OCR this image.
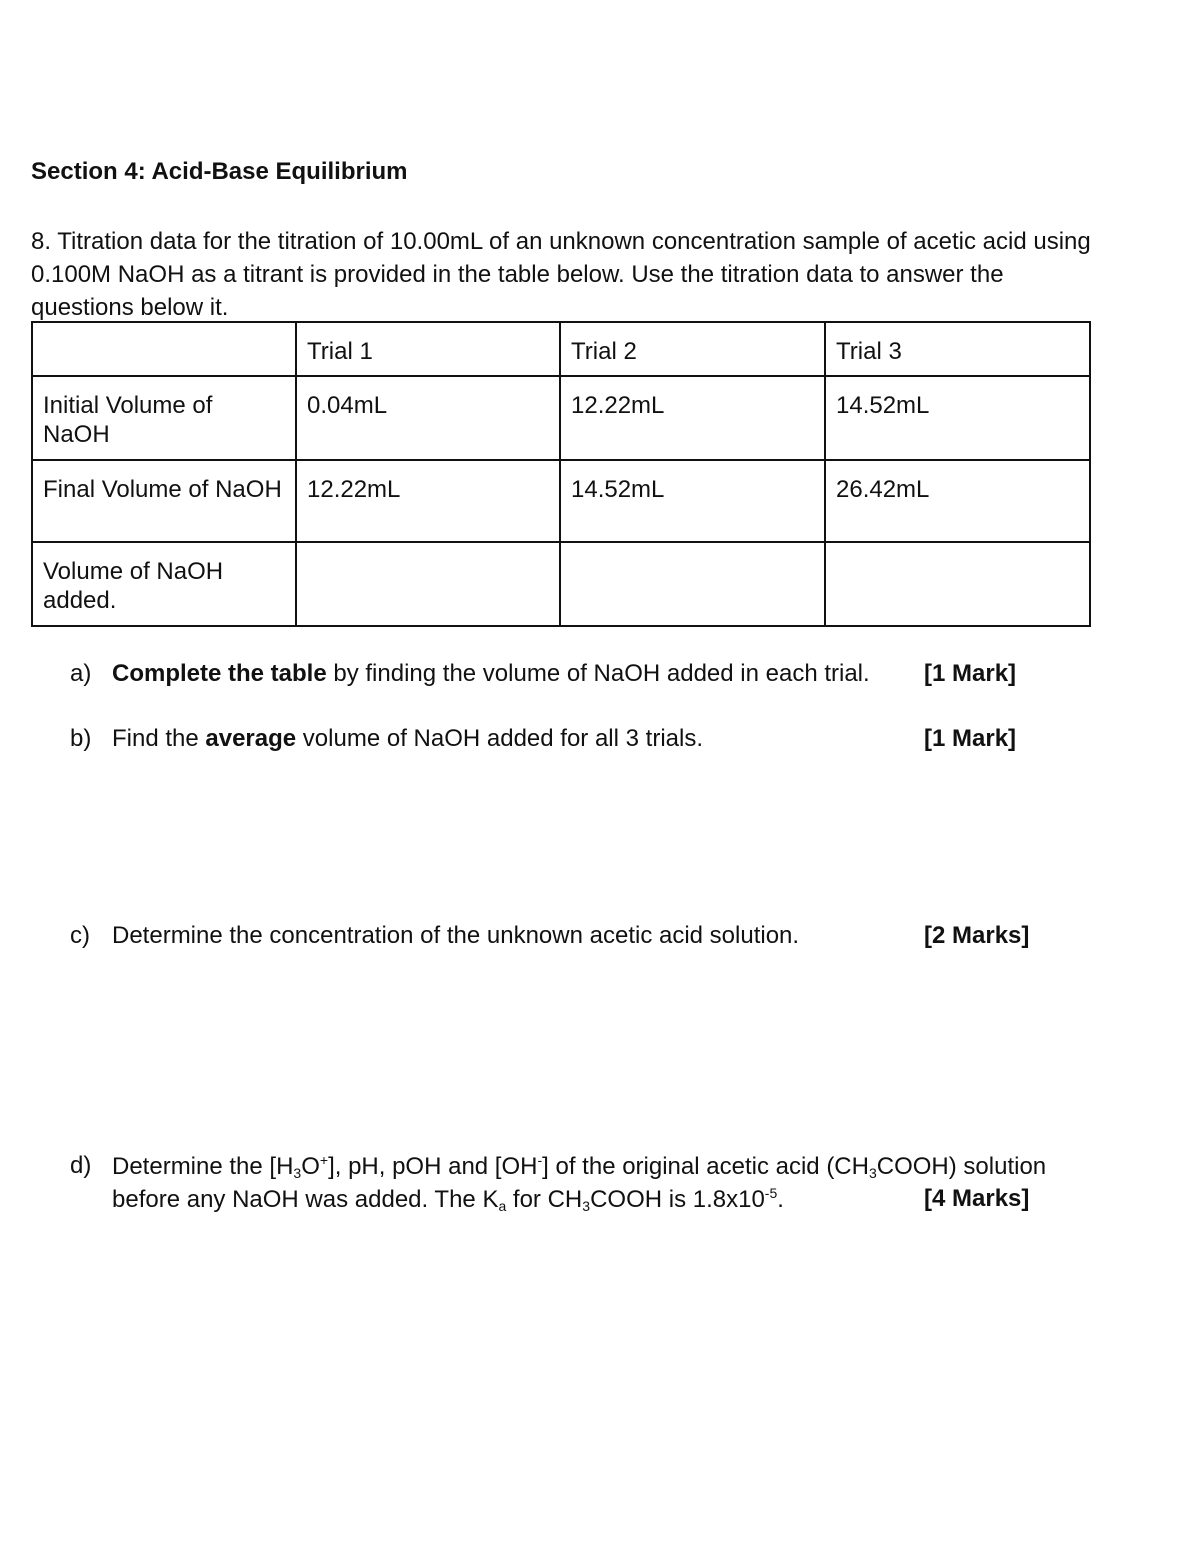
Section 4: Acid-Base Equilibrium
8. Titration data for the titration of 10.00mL of an unknown concentration sample of acetic acid using 0.100M NaOH as a titrant is provided in the table below. Use the titration data to answer the questions below it.
	Trial 1	Trial 2	Trial 3
Initial Volume of NaOH	0.04mL	12.22mL	14.52mL
Final Volume of NaOH	12.22mL	14.52mL	26.42mL
Volume of NaOH added.			
a) Complete the table by finding the volume of NaOH added in each trial. [1 Mark]
b) Find the average volume of NaOH added for all 3 trials.	[1 Mark]
c) Determine the concentration of the unknown acetic acid solution.	[2 Marks]
d) Determine the $[H_3O^+]$, pH, pOH and [OH-] of the original acetic acid $(CH_3COOH)$ solution
before any NaOH was added. The $K_a$ for $CH_3COOH$ is $1.8x10^{-5}$.	[4 Marks]
